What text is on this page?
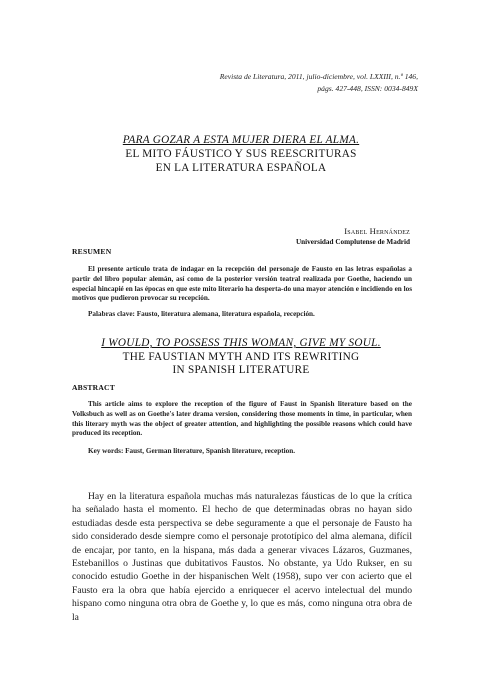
Revista de Literatura, 2011, julio-diciembre, vol. LXXIII, n.º 146,
págs. 427-448, ISSN: 0034-849X
PARA GOZAR A ESTA MUJER DIERA EL ALMA.
EL MITO FÁUSTICO Y SUS REESCRITURAS
EN LA LITERATURA ESPAÑOLA
Isabel Hernández
Universidad Complutense de Madrid
RESUMEN
El presente artículo trata de indagar en la recepción del personaje de Fausto en las letras españolas a partir del libro popular alemán, así como de la posterior versión teatral realizada por Goethe, haciendo un especial hincapié en las épocas en que este mito literario ha desperta-do una mayor atención e incidiendo en los motivos que pudieron provocar su recepción.
Palabras clave: Fausto, literatura alemana, literatura española, recepción.
I WOULD, TO POSSESS THIS WOMAN, GIVE MY SOUL.
THE FAUSTIAN MYTH AND ITS REWRITING
IN SPANISH LITERATURE
ABSTRACT
This article aims to explore the reception of the figure of Faust in Spanish literature based on the Volksbuch as well as on Goethe's later drama version, considering those moments in time, in particular, when this literary myth was the object of greater attention, and highlighting the possible reasons which could have produced its reception.
Key words: Faust, German literature, Spanish literature, reception.
Hay en la literatura española muchas más naturalezas fáusticas de lo que la crítica ha señalado hasta el momento. El hecho de que determinadas obras no hayan sido estudiadas desde esta perspectiva se debe seguramente a que el personaje de Fausto ha sido considerado desde siempre como el personaje prototípico del alma alemana, difícil de encajar, por tanto, en la hispana, más dada a generar vivaces Lázaros, Guzmanes, Estebanillos o Justinas que dubitativos Faustos. No obstante, ya Udo Rukser, en su conocido estudio Goethe in der hispanischen Welt (1958), supo ver con acierto que el Fausto era la obra que había ejercido a enriquecer el acervo intelectual del mundo hispano como ninguna otra obra de Goethe y, lo que es más, como ninguna otra obra de la
